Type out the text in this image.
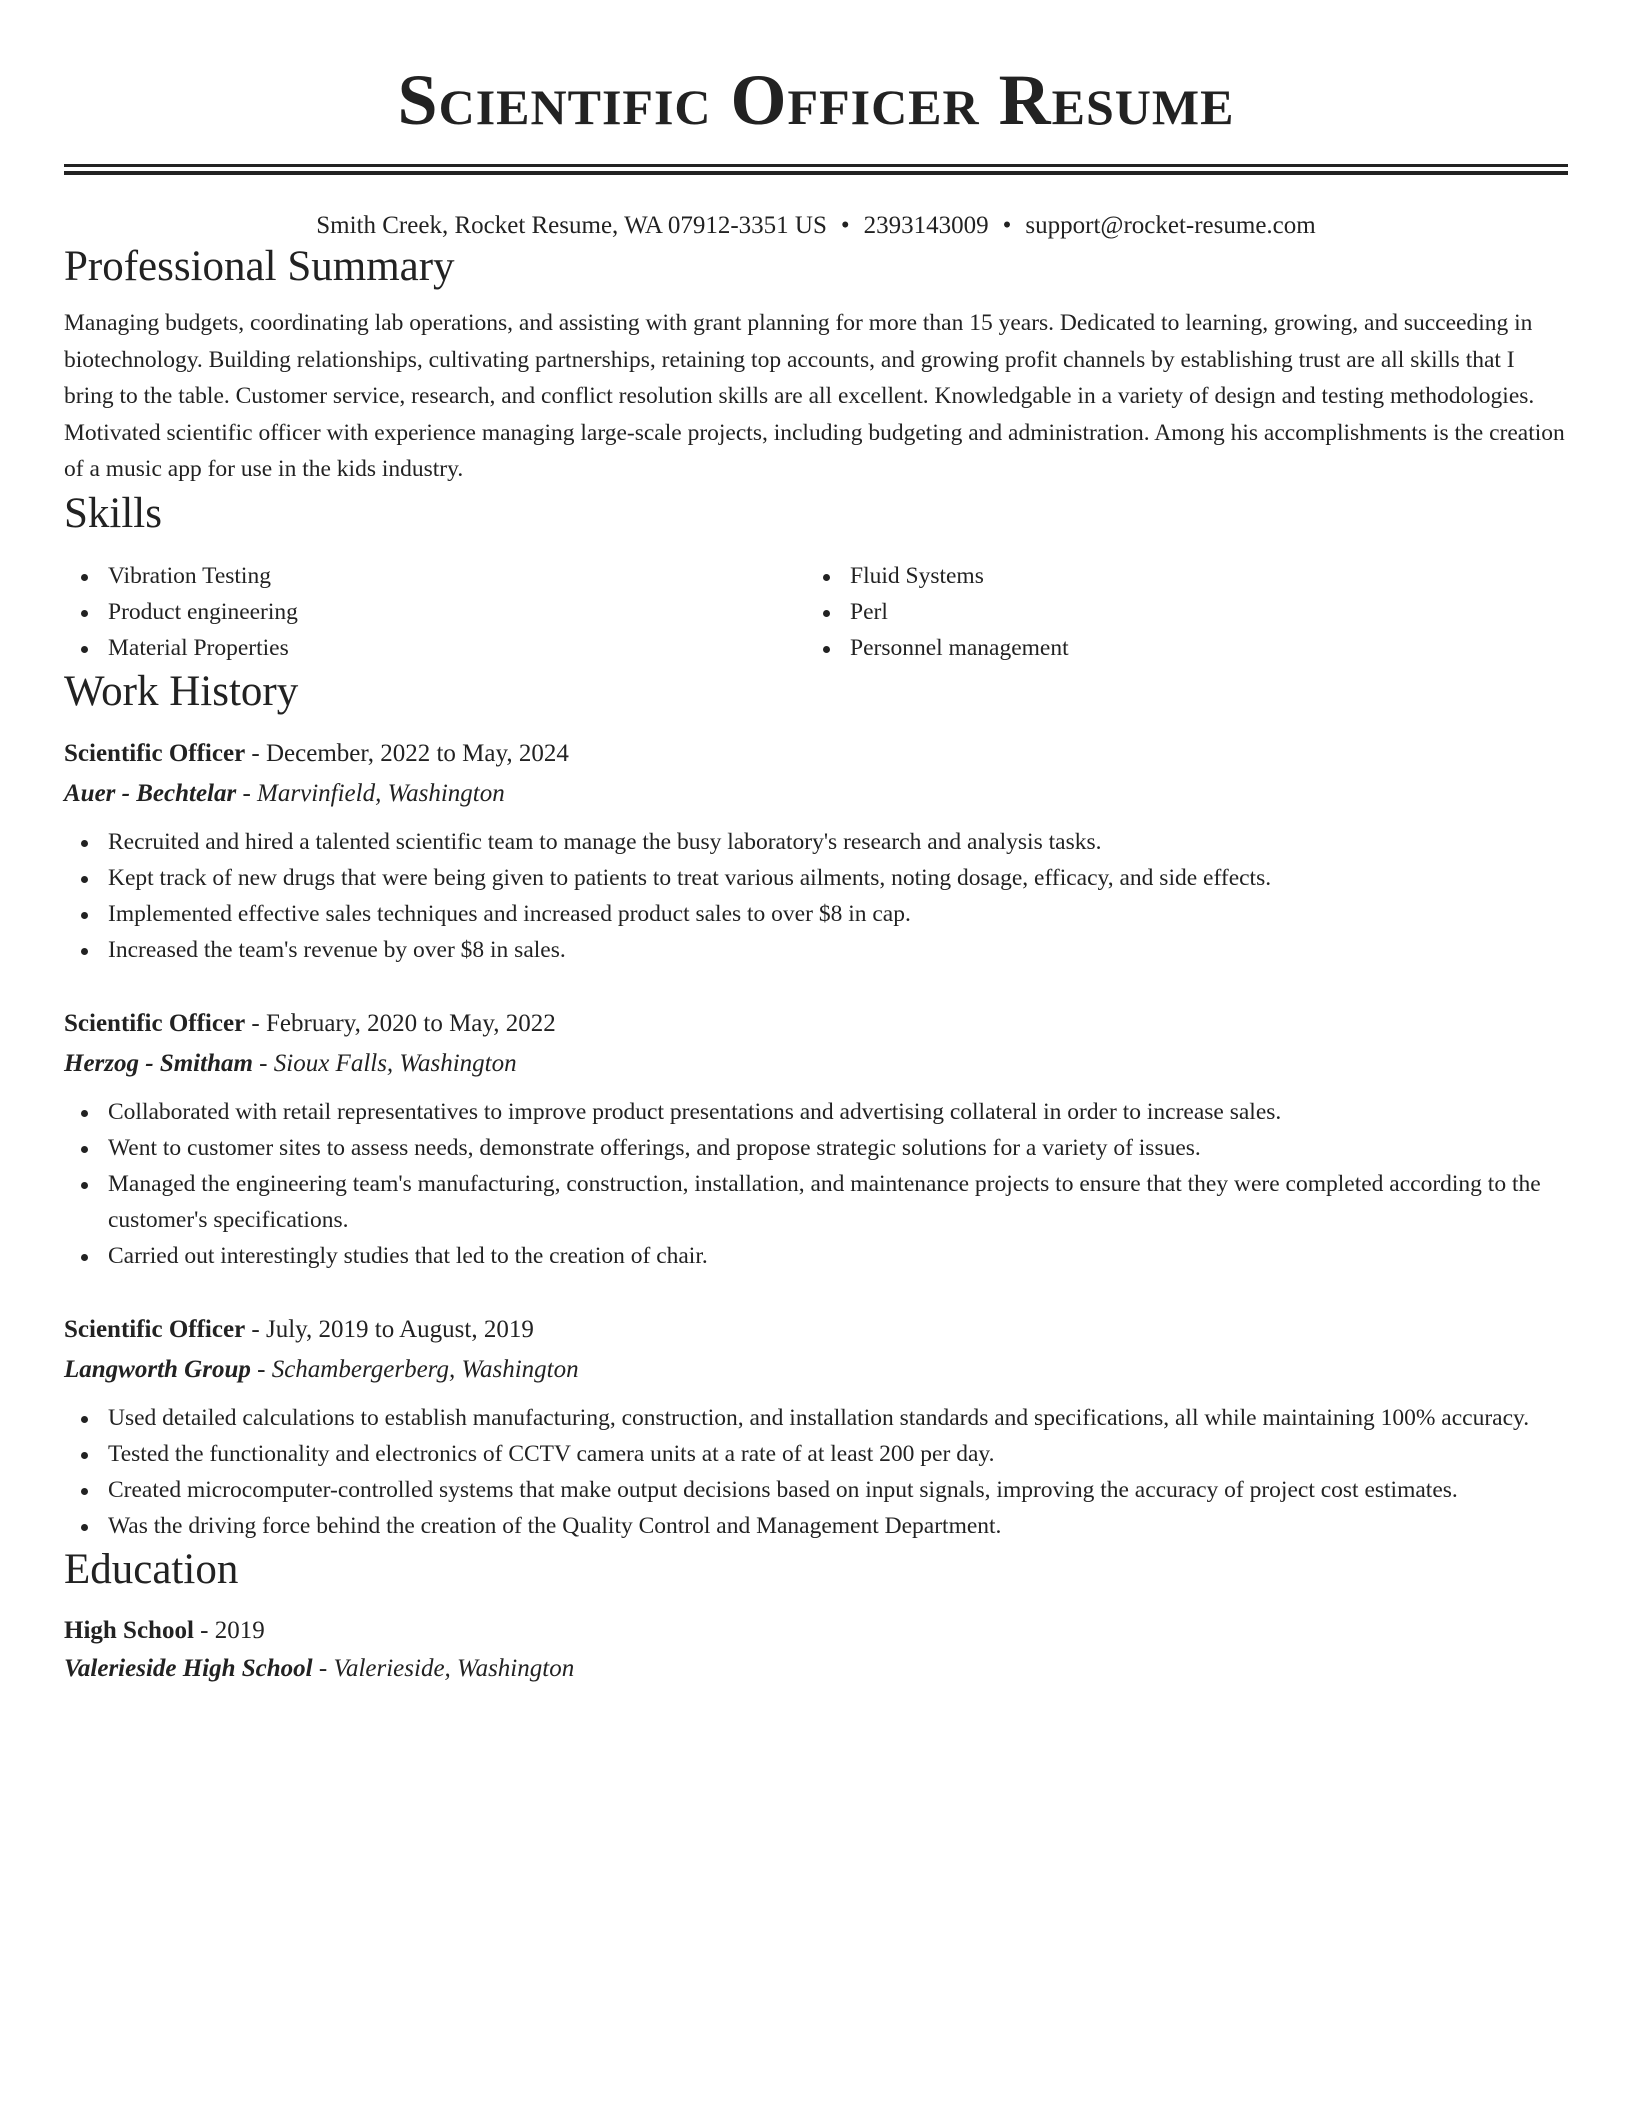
Scientific Officer Resume
Smith Creek, Rocket Resume, WA 07912-3351 US • 2393143009 • support@rocket-resume.com
Professional Summary

Managing budgets, coordinating lab operations, and assisting with grant planning for more than 15 years. Dedicated to learning, growing, and succeeding in biotechnology. Building relationships, cultivating partnerships, retaining top accounts, and growing profit channels by establishing trust are all skills that I bring to the table. Customer service, research, and conflict resolution skills are all excellent. Knowledgable in a variety of design and testing methodologies. Motivated scientific officer with experience managing large-scale projects, including budgeting and administration. Among his accomplishments is the creation of a music app for use in the kids industry.

Skills
Vibration Testing
Product engineering
Material Properties
Fluid Systems
Perl
Personnel management
Work History
Scientific Officer - December, 2022 to May, 2024
Auer - Bechtelar - Marvinfield, Washington
Recruited and hired a talented scientific team to manage the busy laboratory's research and analysis tasks.
Kept track of new drugs that were being given to patients to treat various ailments, noting dosage, efficacy, and side effects.
Implemented effective sales techniques and increased product sales to over $8 in cap.
Increased the team's revenue by over $8 in sales.
Scientific Officer - February, 2020 to May, 2022
Herzog - Smitham - Sioux Falls, Washington
Collaborated with retail representatives to improve product presentations and advertising collateral in order to increase sales.
Went to customer sites to assess needs, demonstrate offerings, and propose strategic solutions for a variety of issues.
Managed the engineering team's manufacturing, construction, installation, and maintenance projects to ensure that they were completed according to the customer's specifications.
Carried out interestingly studies that led to the creation of chair.
Scientific Officer - July, 2019 to August, 2019
Langworth Group - Schambergerberg, Washington
Used detailed calculations to establish manufacturing, construction, and installation standards and specifications, all while maintaining 100% accuracy.
Tested the functionality and electronics of CCTV camera units at a rate of at least 200 per day.
Created microcomputer-controlled systems that make output decisions based on input signals, improving the accuracy of project cost estimates.
Was the driving force behind the creation of the Quality Control and Management Department.
Education
High School - 2019
Valerieside High School - Valerieside, Washington
